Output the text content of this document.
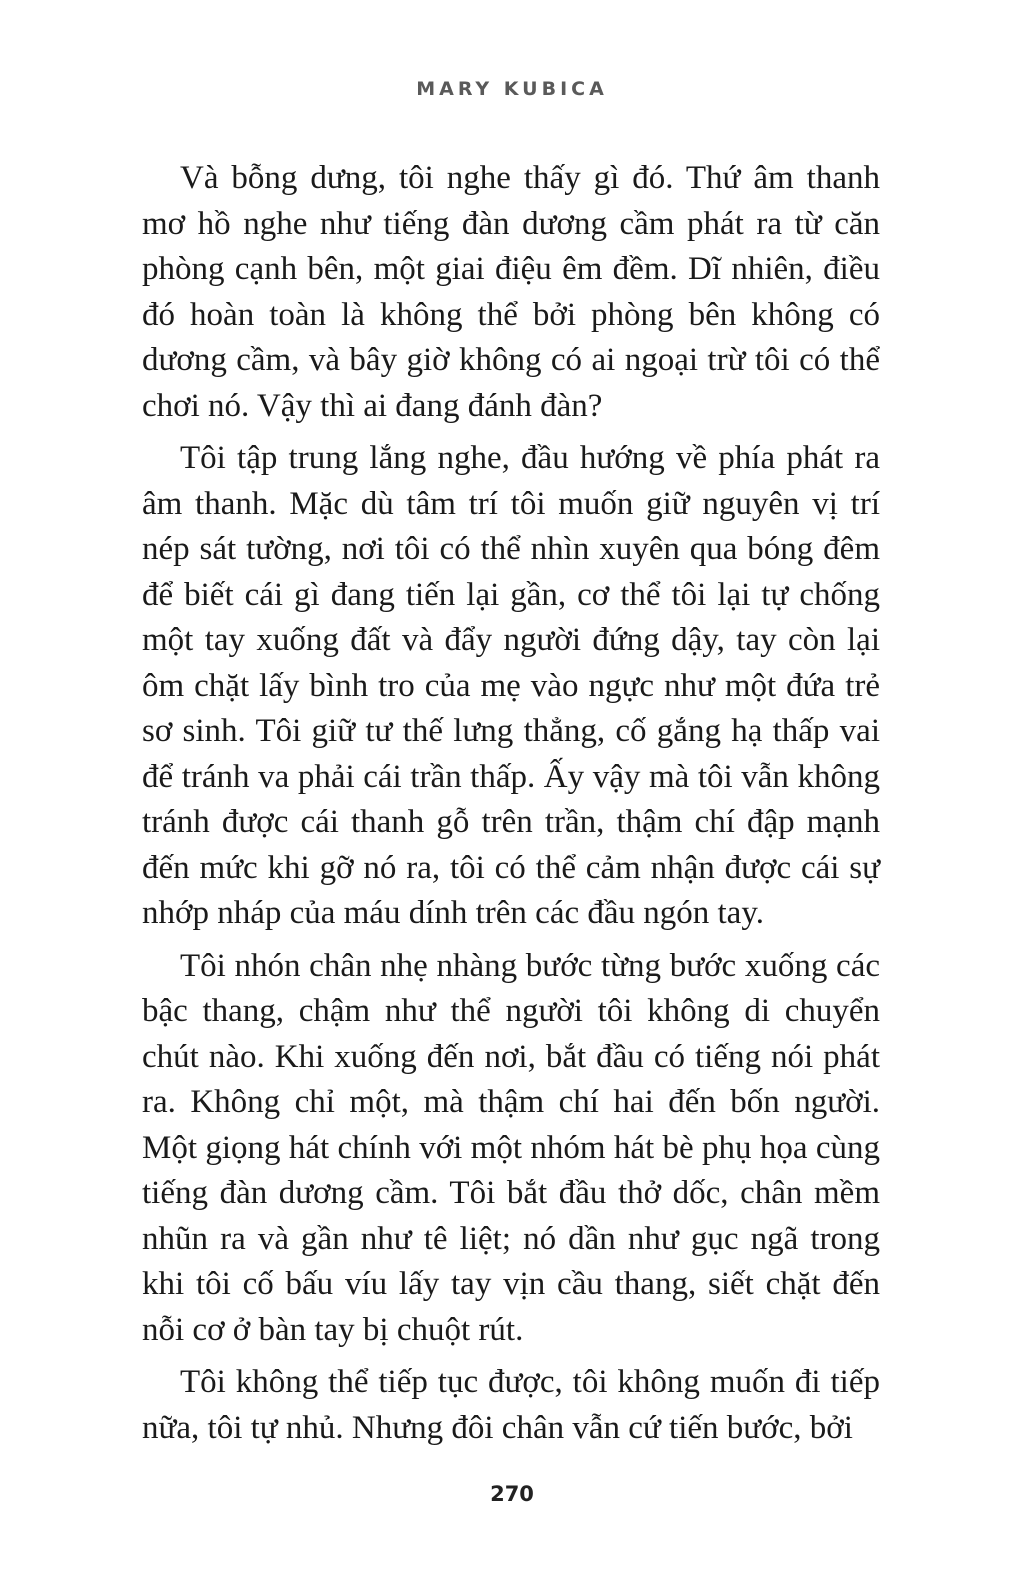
MARY KUBICA

Và bỗng dưng, tôi nghe thấy gì đó. Thứ âm thanh mơ hồ nghe như tiếng đàn dương cầm phát ra từ căn phòng cạnh bên, một giai điệu êm đềm. Dĩ nhiên, điều đó hoàn toàn là không thể bởi phòng bên không có dương cầm, và bây giờ không có ai ngoại trừ tôi có thể chơi nó. Vậy thì ai đang đánh đàn?

Tôi tập trung lắng nghe, đầu hướng về phía phát ra âm thanh. Mặc dù tâm trí tôi muốn giữ nguyên vị trí nép sát tường, nơi tôi có thể nhìn xuyên qua bóng đêm để biết cái gì đang tiến lại gần, cơ thể tôi lại tự chống một tay xuống đất và đẩy người đứng dậy, tay còn lại ôm chặt lấy bình tro của mẹ vào ngực như một đứa trẻ sơ sinh. Tôi giữ tư thế lưng thẳng, cố gắng hạ thấp vai để tránh va phải cái trần thấp. Ấy vậy mà tôi vẫn không tránh được cái thanh gỗ trên trần, thậm chí đập mạnh đến mức khi gỡ nó ra, tôi có thể cảm nhận được cái sự nhớp nháp của máu dính trên các đầu ngón tay.

Tôi nhón chân nhẹ nhàng bước từng bước xuống các bậc thang, chậm như thể người tôi không di chuyển chút nào. Khi xuống đến nơi, bắt đầu có tiếng nói phát ra. Không chỉ một, mà thậm chí hai đến bốn người. Một giọng hát chính với một nhóm hát bè phụ họa cùng tiếng đàn dương cầm. Tôi bắt đầu thở dốc, chân mềm nhũn ra và gần như tê liệt; nó dần như gục ngã trong khi tôi cố bấu víu lấy tay vịn cầu thang, siết chặt đến nỗi cơ ở bàn tay bị chuột rút.

Tôi không thể tiếp tục được, tôi không muốn đi tiếp nữa, tôi tự nhủ. Nhưng đôi chân vẫn cứ tiến bước, bởi

270
